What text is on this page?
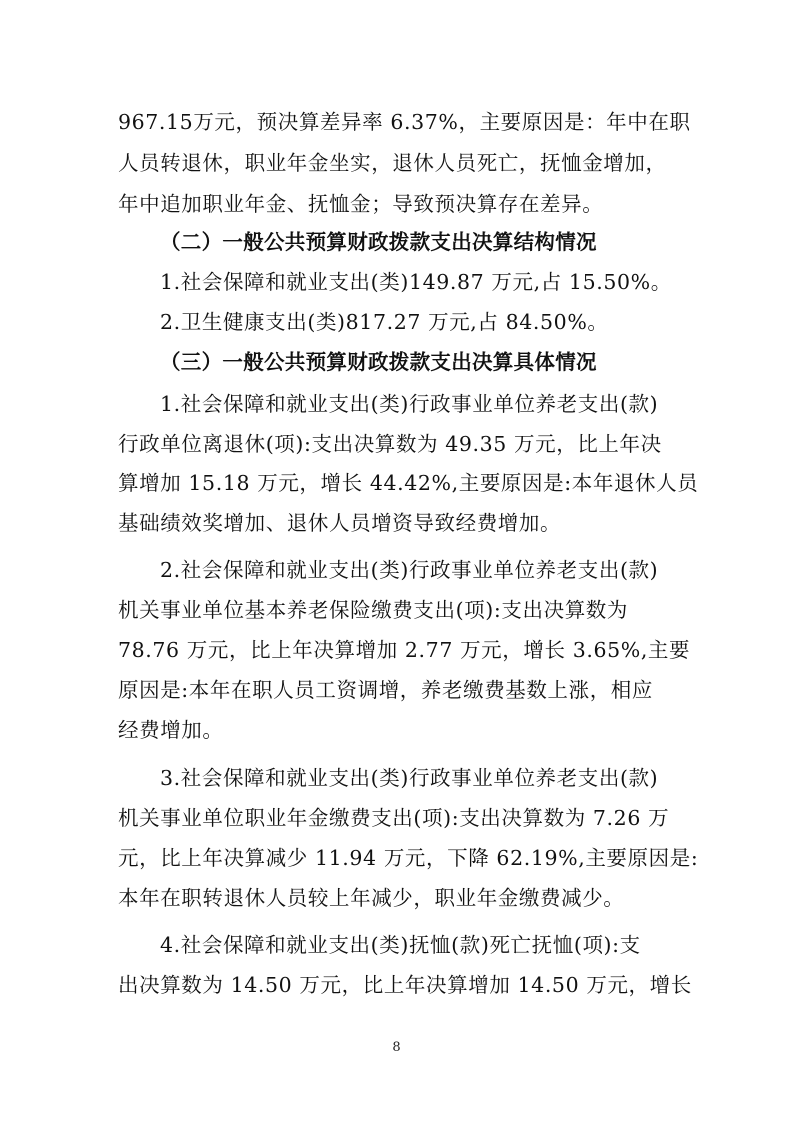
967.15万元，预决算差异率 6.37%，主要原因是：年中在职
人员转退休，职业年金坐实，退休人员死亡，抚恤金增加，
年中追加职业年金、抚恤金；导致预决算存在差异。
（二）一般公共预算财政拨款支出决算结构情况
1.社会保障和就业支出(类)149.87 万元,占 15.50%。
2.卫生健康支出(类)817.27 万元,占 84.50%。
（三）一般公共预算财政拨款支出决算具体情况
1.社会保障和就业支出(类)行政事业单位养老支出(款)
行政单位离退休(项):支出决算数为 49.35 万元，比上年决
算增加 15.18 万元，增长 44.42%,主要原因是:本年退休人员
基础绩效奖增加、退休人员增资导致经费增加。
2.社会保障和就业支出(类)行政事业单位养老支出(款)
机关事业单位基本养老保险缴费支出(项):支出决算数为
78.76 万元，比上年决算增加 2.77 万元，增长 3.65%,主要
原因是:本年在职人员工资调增，养老缴费基数上涨，相应
经费增加。
3.社会保障和就业支出(类)行政事业单位养老支出(款)
机关事业单位职业年金缴费支出(项):支出决算数为 7.26 万
元，比上年决算减少 11.94 万元，下降 62.19%,主要原因是:
本年在职转退休人员较上年减少，职业年金缴费减少。
4.社会保障和就业支出(类)抚恤(款)死亡抚恤(项):支
出决算数为 14.50 万元，比上年决算增加 14.50 万元，增长
8
